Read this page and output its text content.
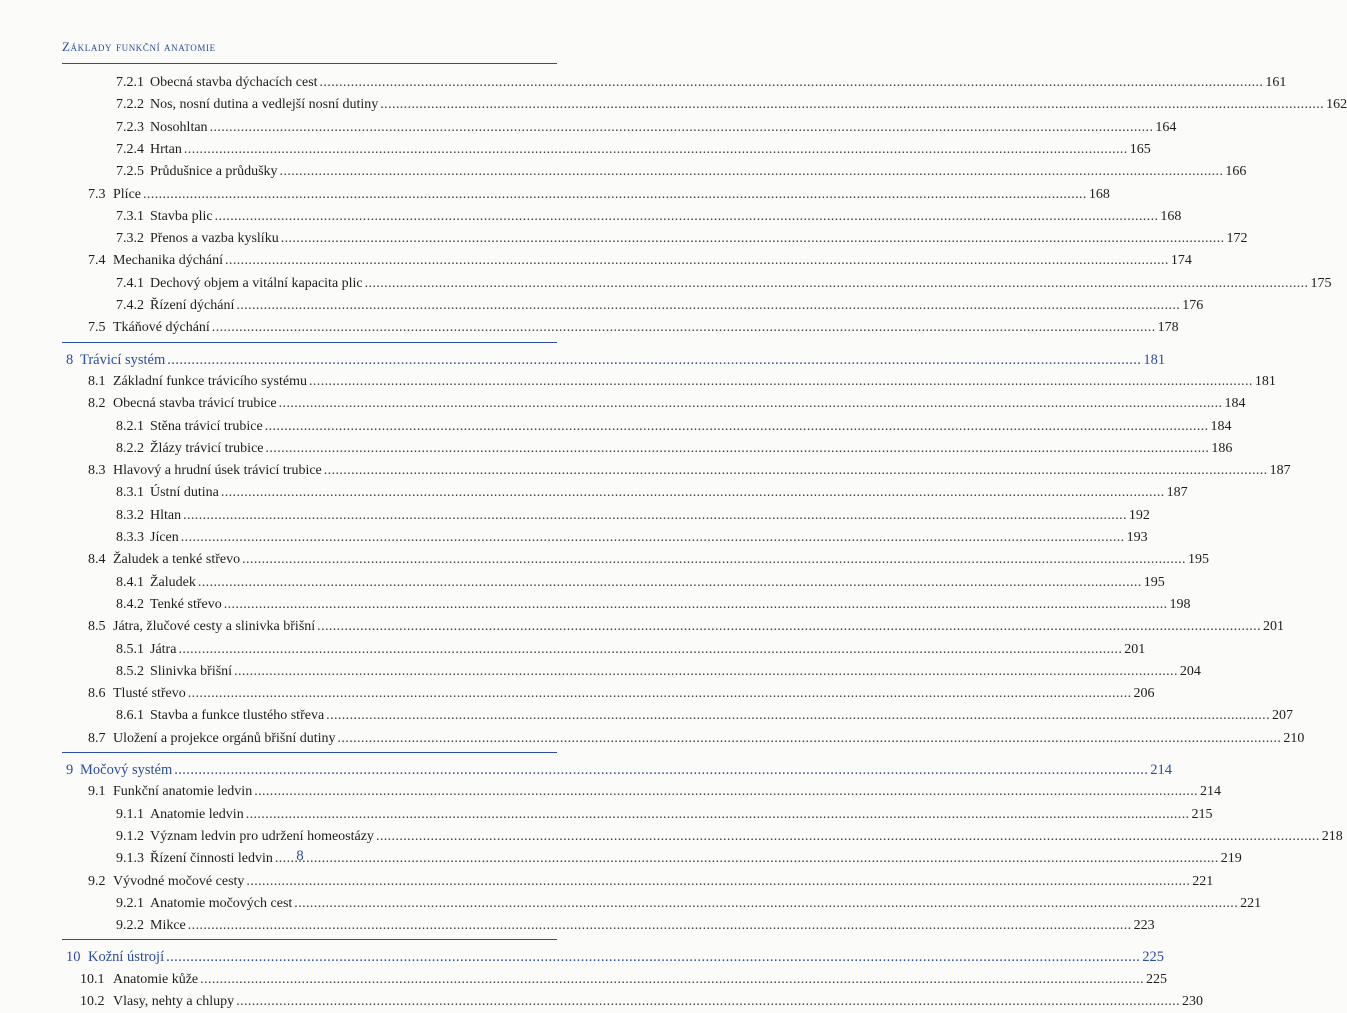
Základy funkční anatomie
7.2.1 Obecná stavba dýchacích cest .....	161
7.2.2 Nos, nosní dutina a vedlejší nosní dutiny .....	162
7.2.3 Nosohltan .....	164
7.2.4 Hrtan .....	165
7.2.5 Průdušnice a průdušky .....	166
7.3 Plíce .....	168
7.3.1 Stavba plic .....	168
7.3.2 Přenos a vazba kyslíku .....	172
7.4 Mechanika dýchání .....	174
7.4.1 Dechový objem a vitální kapacita plic .....	175
7.4.2 Řízení dýchání .....	176
7.5 Tkáňové dýchání .....	178
8 Trávicí systém .....	181
8.1 Základní funkce trávicího systému .....	181
8.2 Obecná stavba trávicí trubice .....	184
8.2.1 Stěna trávicí trubice .....	184
8.2.2 Žlázy trávicí trubice .....	186
8.3 Hlavový a hrudní úsek trávicí trubice .....	187
8.3.1 Ústní dutina .....	187
8.3.2 Hltan .....	192
8.3.3 Jícen .....	193
8.4 Žaludek a tenké střevo .....	195
8.4.1 Žaludek .....	195
8.4.2 Tenké střevo .....	198
8.5 Játra, žlučové cesty a slinivka břišní .....	201
8.5.1 Játra .....	201
8.5.2 Slinivka břišní .....	204
8.6 Tlusté střevo .....	206
8.6.1 Stavba a funkce tlustého střeva .....	207
8.7 Uložení a projekce orgánů břišní dutiny .....	210
9 Močový systém .....	214
9.1 Funkční anatomie ledvin .....	214
9.1.1 Anatomie ledvin .....	215
9.1.2 Význam ledvin pro udržení homeostázy .....	218
9.1.3 Řízení činnosti ledvin .....	219
9.2 Vývodné močové cesty .....	221
9.2.1 Anatomie močových cest .....	221
9.2.2 Mikce .....	223
10 Kožní ústrojí .....	225
10.1 Anatomie kůže .....	225
10.2 Vlasy, nehty a chlupy .....	230
8
